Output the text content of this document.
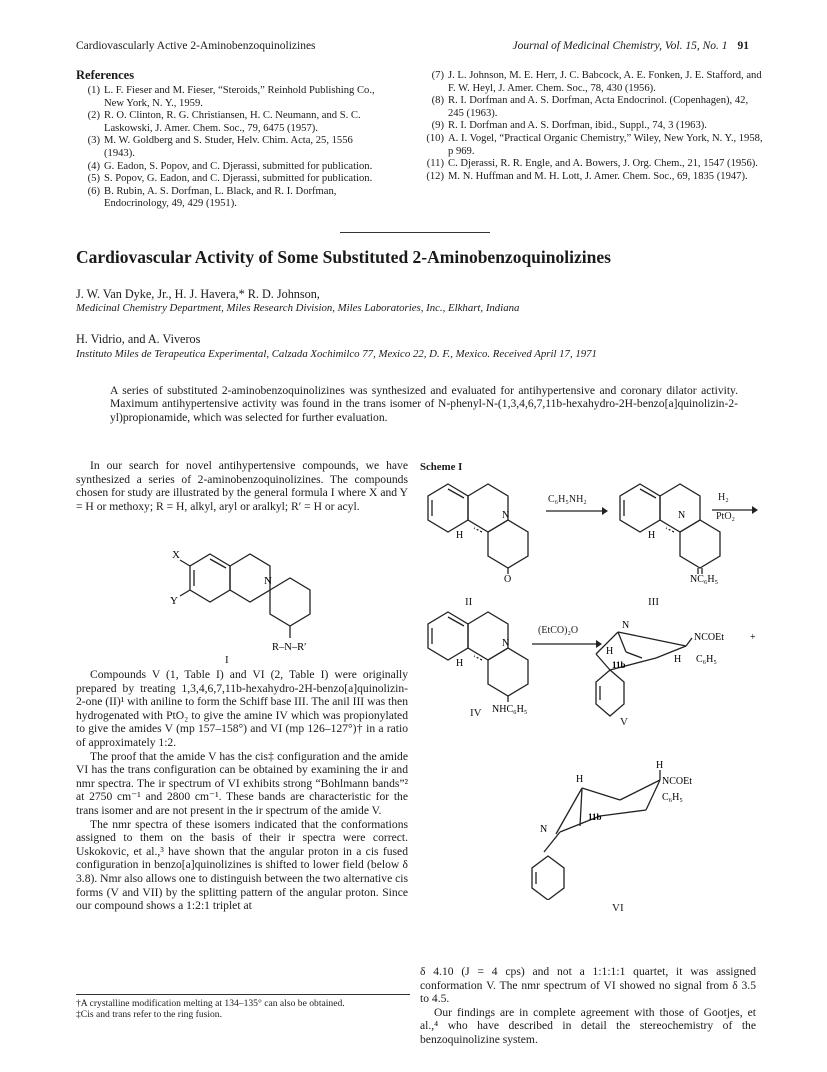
Cardiovascularly Active 2-Aminobenzoquinolizines	Journal of Medicinal Chemistry, Vol. 15, No. 1 91
References
(1) L. F. Fieser and M. Fieser, “Steroids,” Reinhold Publishing Co., New York, N. Y., 1959.
(2) R. O. Clinton, R. G. Christiansen, H. C. Neumann, and S. C. Laskowski, J. Amer. Chem. Soc., 79, 6475 (1957).
(3) M. W. Goldberg and S. Studer, Helv. Chim. Acta, 25, 1556 (1943).
(4) G. Eadon, S. Popov, and C. Djerassi, submitted for publication.
(5) S. Popov, G. Eadon, and C. Djerassi, submitted for publication.
(6) B. Rubin, A. S. Dorfman, L. Black, and R. I. Dorfman, Endocrinology, 49, 429 (1951).
(7) J. L. Johnson, M. E. Herr, J. C. Babcock, A. E. Fonken, J. E. Stafford, and F. W. Heyl, J. Amer. Chem. Soc., 78, 430 (1956).
(8) R. I. Dorfman and A. S. Dorfman, Acta Endocrinol. (Copenhagen), 42, 245 (1963).
(9) R. I. Dorfman and A. S. Dorfman, ibid., Suppl., 74, 3 (1963).
(10) A. I. Vogel, “Practical Organic Chemistry,” Wiley, New York, N. Y., 1958, p 969.
(11) C. Djerassi, R. R. Engle, and A. Bowers, J. Org. Chem., 21, 1547 (1956).
(12) M. N. Huffman and M. H. Lott, J. Amer. Chem. Soc., 69, 1835 (1947).
Cardiovascular Activity of Some Substituted 2-Aminobenzoquinolizines
J. W. Van Dyke, Jr., H. J. Havera,* R. D. Johnson,
Medicinal Chemistry Department, Miles Research Division, Miles Laboratories, Inc., Elkhart, Indiana
H. Vidrio, and A. Viveros
Instituto Miles de Terapeutica Experimental, Calzada Xochimilco 77, Mexico 22, D. F., Mexico. Received April 17, 1971
A series of substituted 2-aminobenzoquinolizines was synthesized and evaluated for antihypertensive and coronary dilator activity. Maximum antihypertensive activity was found in the trans isomer of N-phenyl-N-(1,3,4,6,7,11b-hexahydro-2H-benzo[a]quinolizin-2-yl)propionamide, which was selected for further evaluation.

In our search for novel antihypertensive compounds, we have synthesized a series of 2-aminobenzoquinolizines. The compounds chosen for study are illustrated by the general formula I where X and Y = H or methoxy; R = H, alkyl, aryl or aralkyl; R′ = H or acyl.

X
Y
N
R–N–R′
I

Compounds V (1, Table I) and VI (2, Table I) were originally prepared by treating 1,3,4,6,7,11b-hexahydro-2H-benzo[a]quinolizin-2-one (II)¹ with aniline to form the Schiff base III. The anil III was then hydrogenated with PtO₂ to give the amine IV which was propionylated to give the amides V (mp 157–158°) and VI (mp 126–127°)† in a ratio of approximately 1:2.

The proof that the amide V has the cis‡ configuration and the amide VI has the trans configuration can be obtained by examining the ir and nmr spectra. The ir spectrum of VI exhibits strong “Bohlmann bands”² at 2750 cm⁻¹ and 2800 cm⁻¹. These bands are characteristic for the trans isomer and are not present in the ir spectrum of the amide V.

The nmr spectra of these isomers indicated that the conformations assigned to them on the basis of their ir spectra were correct. Uskokovic, et al.,³ have shown that the angular proton in a cis fused configuration in benzo[a]quinolizines is shifted to lower field (below δ 3.8). Nmr also allows one to distinguish between the two alternative cis forms (V and VII) by the splitting pattern of the angular proton. Since our compound shows a 1:2:1 triplet at

†A crystalline modification melting at 134–135° can also be obtained.
‡Cis and trans refer to the ring fusion.
Scheme I
N
H
O
II
C₆H₅NH₂
N
H
NC₆H₅
III
H₂
PtO₂
N
H
NHC₆H₅
IV
(EtCO)₂O	N
H
11b
NCOEt	+
H C₆H₅
V
H
H
NCOEt
C₆H₅
11b
N
VI

δ 4.10 (J = 4 cps) and not a 1:1:1:1 quartet, it was assigned conformation V. The nmr spectrum of VI showed no signal from δ 3.5 to 4.5.

Our findings are in complete agreement with those of Gootjes, et al.,⁴ who have described in detail the stereochemistry of the benzoquinolizine system.
